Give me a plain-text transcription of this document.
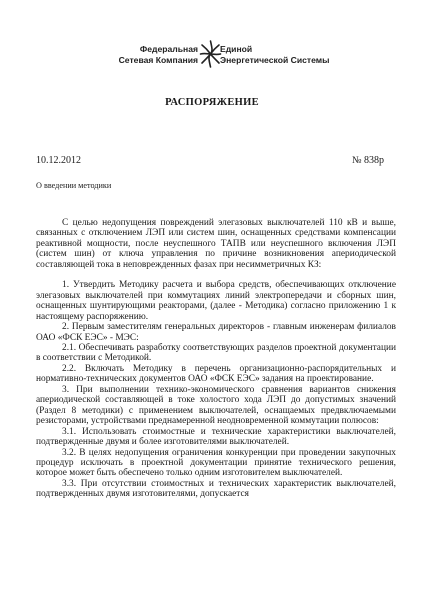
Федеральная
Сетевая Компания
Единой
Энергетической Системы
РАСПОРЯЖЕНИЕ
10.12.2012	№ 838р
О введении методики

С целью недопущения повреждений элегазовых выключателей 110 кВ и выше, связанных с отключением ЛЭП или систем шин, оснащенных средствами компенсации реактивной мощности, после неуспешного ТАПВ или неуспешного включения ЛЭП (систем шин) от ключа управления по причине возникновения апериодической составляющей тока в неповрежденных фазах при несимметричных КЗ:

1. Утвердить Методику расчета и выбора средств, обеспечивающих отключение элегазовых выключателей при коммутациях линий электропередачи и сборных шин, оснащенных шунтирующими реакторами, (далее - Методика) согласно приложению 1 к настоящему распоряжению.

2. Первым заместителям генеральных директоров - главным инженерам филиалов ОАО «ФСК ЕЭС» - МЭС:

2.1. Обеспечивать разработку соответствующих разделов проектной документации в соответствии с Методикой.

2.2. Включать Методику в перечень организационно-распорядительных и нормативно-технических документов ОАО «ФСК ЕЭС» задания на проектирование.

3. При выполнении технико-экономического сравнения вариантов снижения апериодической составляющей в токе холостого хода ЛЭП до допустимых значений (Раздел 8 методики) с применением выключателей, оснащаемых предвключаемыми резисторами, устройствами преднамеренной неодновременной коммутации полюсов:

3.1. Использовать стоимостные и технические характеристики выключателей, подтвержденные двумя и более изготовителями выключателей.

3.2. В целях недопущения ограничения конкуренции при проведении закупочных процедур исключать в проектной документации принятие технического решения, которое может быть обеспечено только одним изготовителем выключателей.

3.3. При отсутствии стоимостных и технических характеристик выключателей, подтвержденных двумя изготовителями, допускается
